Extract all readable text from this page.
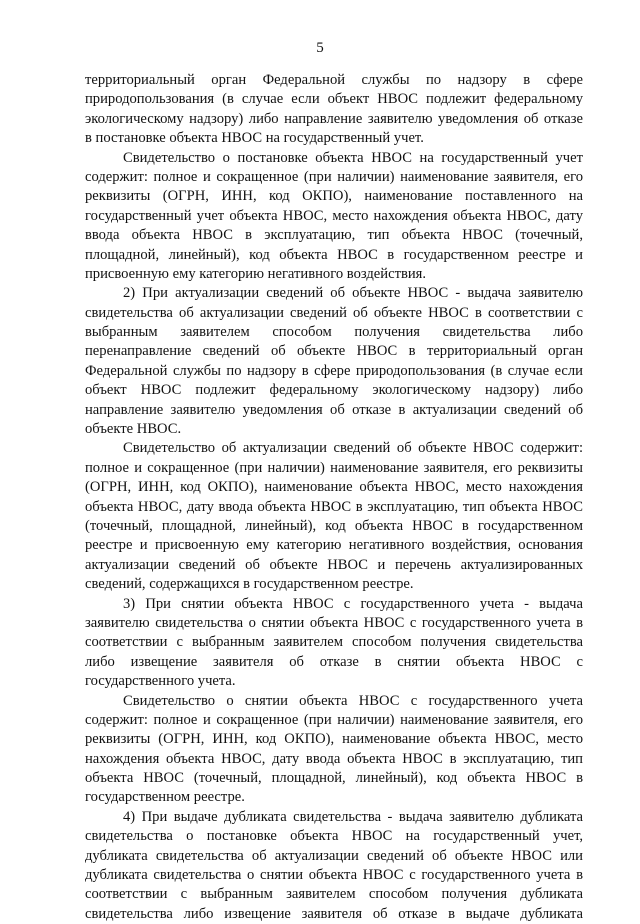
5
территориальный орган Федеральной службы по надзору в сфере
природопользования (в случае если объект НВОС подлежит федеральному
экологическому надзору) либо направление заявителю уведомления об отказе
в постановке объекта НВОС на государственный учет.
Свидетельство о постановке объекта НВОС на государственный учет
содержит: полное и сокращенное (при наличии) наименование заявителя, его
реквизиты (ОГРН, ИНН, код ОКПО), наименование поставленного на
государственный учет объекта НВОС, место нахождения объекта НВОС, дату
ввода объекта НВОС в эксплуатацию, тип объекта НВОС (точечный,
площадной, линейный), код объекта НВОС в государственном реестре и
присвоенную ему категорию негативного воздействия.
2) При актуализации сведений об объекте НВОС - выдача заявителю
свидетельства об актуализации сведений об объекте НВОС в соответствии с
выбранным заявителем способом получения свидетельства либо
перенаправление сведений об объекте НВОС в территориальный орган
Федеральной службы по надзору в сфере природопользования (в случае если
объект НВОС подлежит федеральному экологическому надзору) либо
направление заявителю уведомления об отказе в актуализации сведений об
объекте НВОС.
Свидетельство об актуализации сведений об объекте НВОС содержит:
полное и сокращенное (при наличии) наименование заявителя, его реквизиты
(ОГРН, ИНН, код ОКПО), наименование объекта НВОС, место нахождения
объекта НВОС, дату ввода объекта НВОС в эксплуатацию, тип объекта НВОС
(точечный, площадной, линейный), код объекта НВОС в государственном
реестре и присвоенную ему категорию негативного воздействия, основания
актуализации сведений об объекте НВОС и перечень актуализированных
сведений, содержащихся в государственном реестре.
3) При снятии объекта НВОС с государственного учета - выдача
заявителю свидетельства о снятии объекта НВОС с государственного учета в
соответствии с выбранным заявителем способом получения свидетельства
либо извещение заявителя об отказе в снятии объекта НВОС с
государственного учета.
Свидетельство о снятии объекта НВОС с государственного учета
содержит: полное и сокращенное (при наличии) наименование заявителя, его
реквизиты (ОГРН, ИНН, код ОКПО), наименование объекта НВОС, место
нахождения объекта НВОС, дату ввода объекта НВОС в эксплуатацию, тип
объекта НВОС (точечный, площадной, линейный), код объекта НВОС в
государственном реестре.
4) При выдаче дубликата свидетельства - выдача заявителю дубликата
свидетельства о постановке объекта НВОС на государственный учет,
дубликата свидетельства об актуализации сведений об объекте НВОС или
дубликата свидетельства о снятии объекта НВОС с государственного учета в
соответствии с выбранным заявителем способом получения дубликата
свидетельства либо извещение заявителя об отказе в выдаче дубликата
